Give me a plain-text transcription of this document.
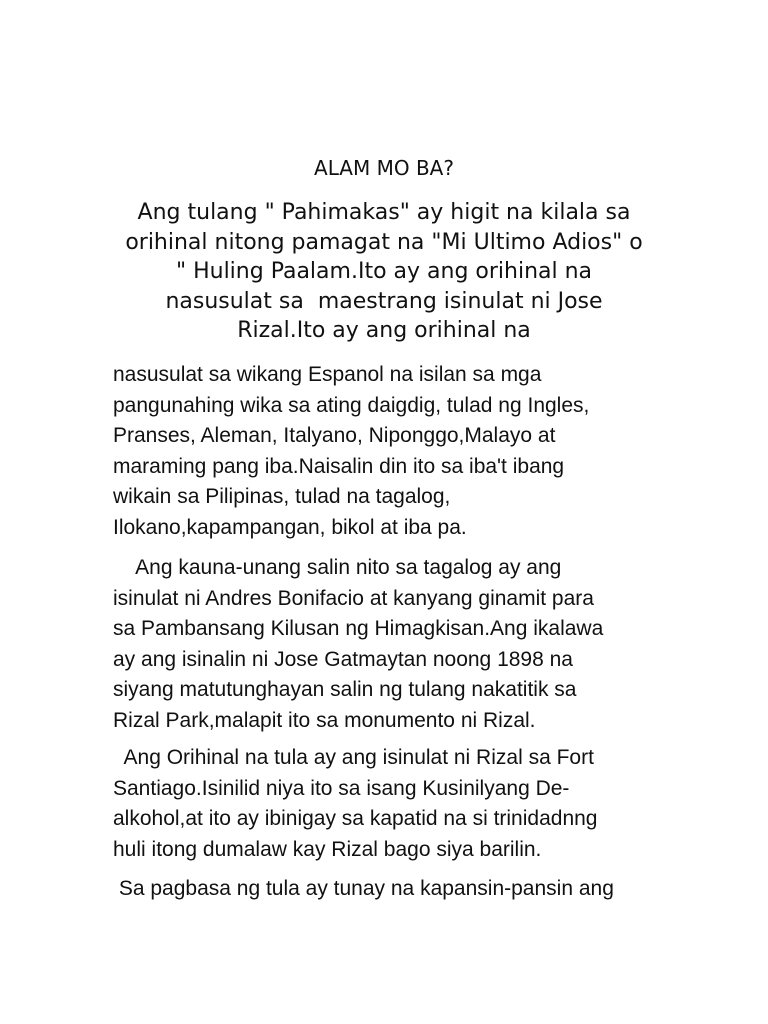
ALAM MO BA?

Ang tulang " Pahimakas" ay higit na kilala sa
orihinal nitong pamagat na "Mi Ultimo Adios" o
" Huling Paalam.Ito ay ang orihinal na
nasusulat sa  maestrang isinulat ni Jose
Rizal.Ito ay ang orihinal na

nasusulat sa wikang Espanol na isilan sa mga
pangunahing wika sa ating daigdig, tulad ng Ingles,
Pranses, Aleman, Italyano, Niponggo,Malayo at
maraming pang iba.Naisalin din ito sa iba't ibang
wikain sa Pilipinas, tulad na tagalog,
Ilokano,kapampangan, bikol at iba pa.

Ang kauna-unang salin nito sa tagalog ay ang
isinulat ni Andres Bonifacio at kanyang ginamit para
sa Pambansang Kilusan ng Himagkisan.Ang ikalawa
ay ang isinalin ni Jose Gatmaytan noong 1898 na
siyang matutunghayan salin ng tulang nakatitik sa
Rizal Park,malapit ito sa monumento ni Rizal.

Ang Orihinal na tula ay ang isinulat ni Rizal sa Fort
Santiago.Isinilid niya ito sa isang Kusinilyang De-
alkohol,at ito ay ibinigay sa kapatid na si trinidadnng
huli itong dumalaw kay Rizal bago siya barilin.

Sa pagbasa ng tula ay tunay na kapansin-pansin ang
